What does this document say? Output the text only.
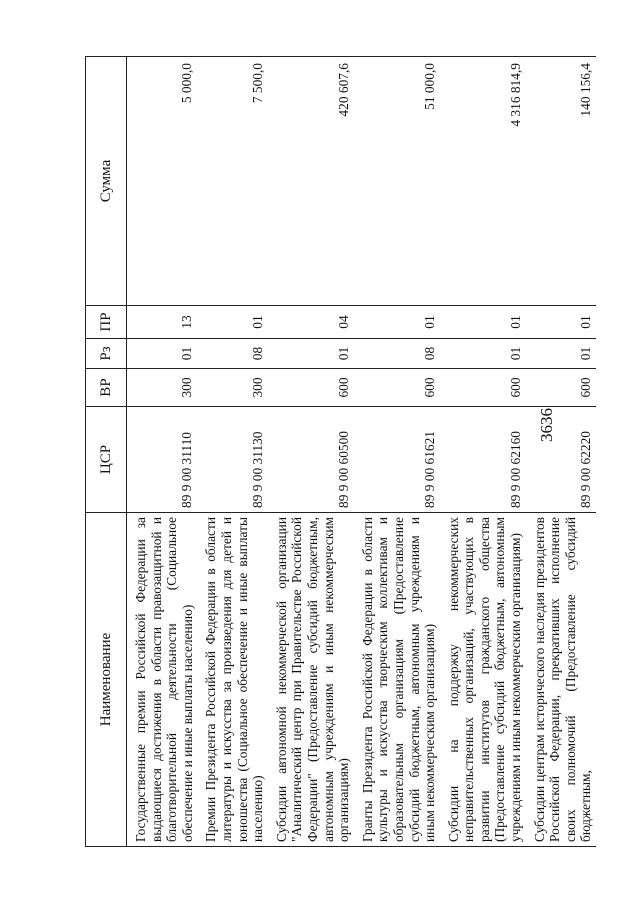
3636
Наименование	ЦСР	ВР	Рз	ПР	Сумма
Государственные премии Российской Федерации за выдающиеся достижения в области правозащитной и благотворительной деятельности (Социальное обеспечение и иные выплаты населению)	89 9 00 31110	300	01	13	5 000,0
Премии Президента Российской Федерации в области литературы и искусства за произведения для детей и юношества (Социальное обеспечение и иные выплаты населению)	89 9 00 31130	300	08	01	7 500,0
Субсидии автономной некоммерческой организации "Аналитический центр при Правительстве Российской Федерации" (Предоставление субсидий бюджетным, автономным учреждениям и иным некоммерческим организациям)	89 9 00 60500	600	01	04	420 607,6
Гранты Президента Российской Федерации в области культуры и искусства творческим коллективам и образовательным организациям (Предоставление субсидий бюджетным, автономным учреждениям и иным некоммерческим организациям)	89 9 00 61621	600	08	01	51 000,0
Субсидии на поддержку некоммерческих неправительственных организаций, участвующих в развитии институтов гражданского общества (Предоставление субсидий бюджетным, автономным учреждениям и иным некоммерческим организациям)	89 9 00 62160	600	01	01	4 316 814,9
Субсидии центрам исторического наследия президентов Российской Федерации, прекративших исполнение своих полномочий (Предоставление субсидий бюджетным,	89 9 00 62220	600	01	01	140 156,4
